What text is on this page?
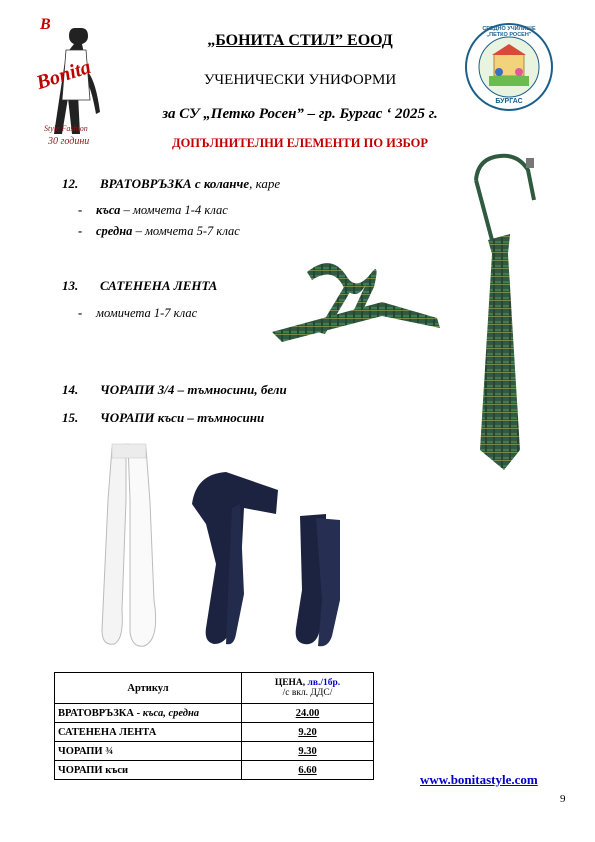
B
Bonita
Style Fashion
30 години
СРЕДНО УЧИЛИЩЕ „ПЕТКО РОСЕН”
БУРГАС
„БОНИТА СТИЛ” ЕООД
УЧЕНИЧЕСКИ УНИФОРМИ
за СУ „Петко Росен” – гр. Бургас ‘ 2025 г.
ДОПЪЛНИТЕЛНИ ЕЛЕМЕНТИ ПО ИЗБОР
12. ВРАТОВРЪЗКА с коланче, каре
- къса – момчета 1-4 клас
- средна – момчета 5-7 клас
13. САТЕНЕНА ЛЕНТА
- момичета 1-7 клас
14. ЧОРАПИ 3/4 – тъмносини, бели
15. ЧОРАПИ къси – тъмносини
Артикул	ЦЕНА, лв./1бр.
/с вкл. ДДС/
ВРАТОВРЪЗКА - къса, средна	24.00
САТЕНЕНА ЛЕНТА	9.20
ЧОРАПИ ¾	9.30
ЧОРАПИ къси	6.60
www.bonitastyle.com
9
